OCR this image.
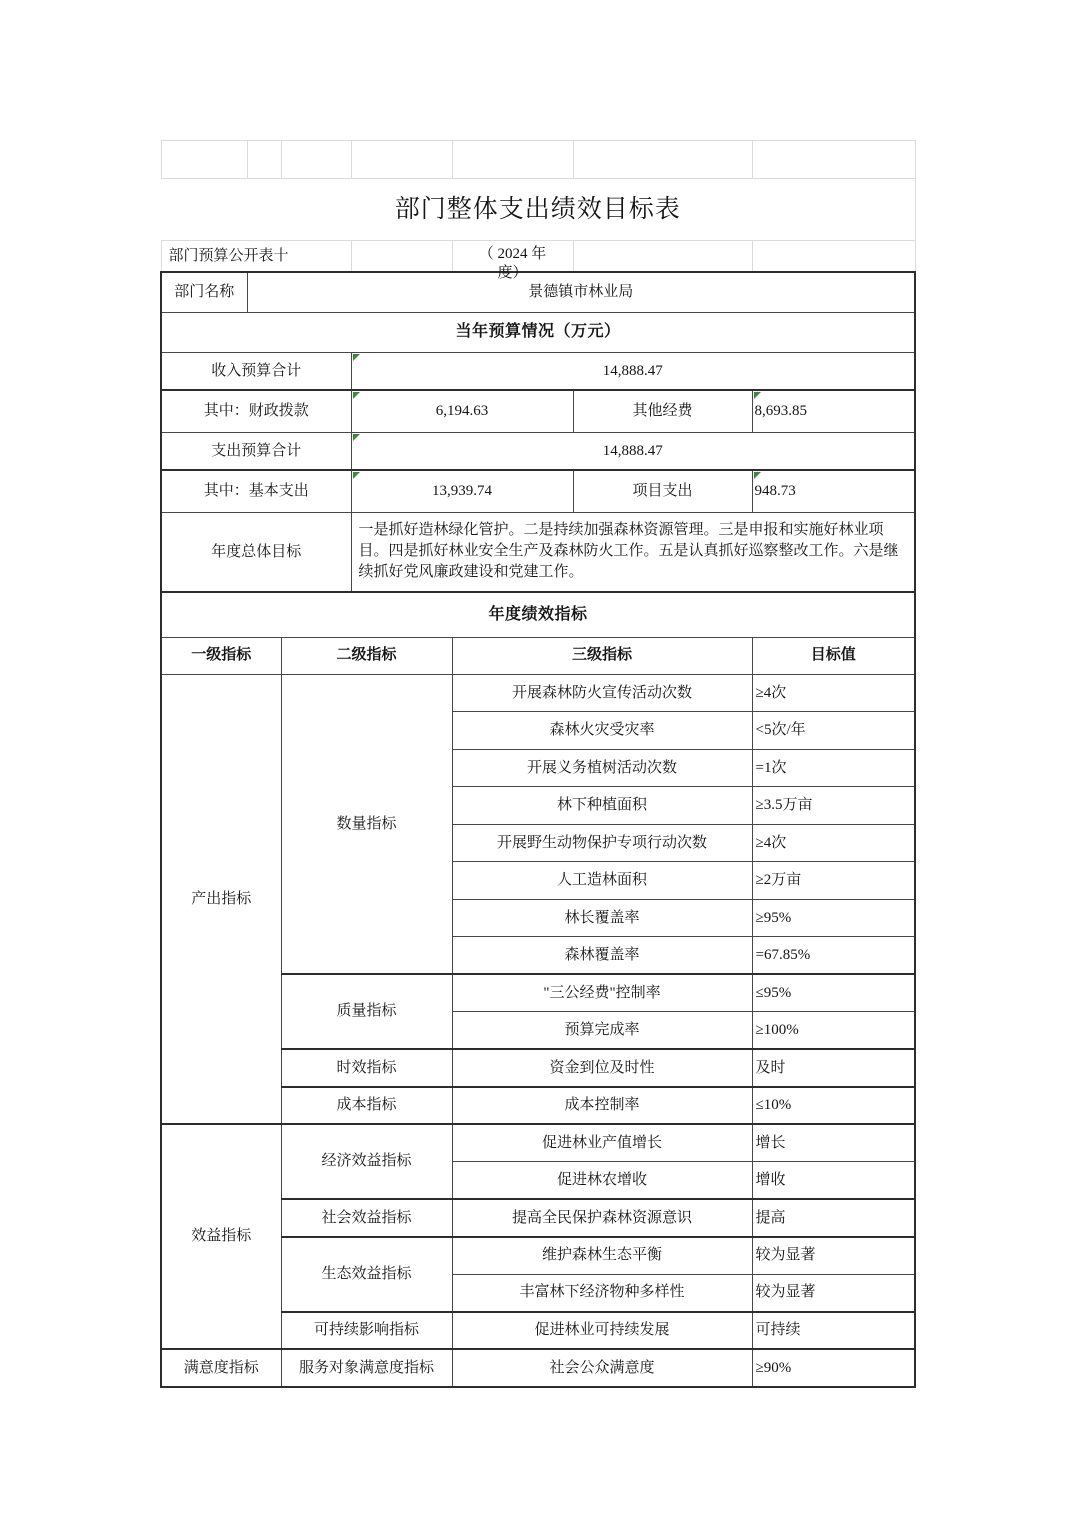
部门整体支出绩效目标表						
部门预算公开表十				（ 2024 年
度）		

部门名称	景德镇市林业局					
当年预算情况（万元）						
收入预算合计			14,888.47			
其中：财政拨款			6,194.63		其他经费	8,693.85
支出预算合计			14,888.47			
其中：基本支出			13,939.74		项目支出	948.73
年度总体目标			一是抓好造林绿化管护。二是持续加强森林资源管理。三是申报和实施好林业项目。四是抓好林业安全生产及森林防火工作。五是认真抓好巡察整改工作。六是继续抓好党风廉政建设和党建工作。			
年度绩效指标						
一级指标		二级指标		三级指标		目标值
产出指标		数量指标		开展森林防火宣传活动次数		≥4次
				森林火灾受灾率		<5次/年
				开展义务植树活动次数		=1次
				林下种植面积		≥3.5万亩
				开展野生动物保护专项行动次数		≥4次
				人工造林面积		≥2万亩
				林长覆盖率		≥95%
				森林覆盖率		=67.85%
		质量指标		"三公经费"控制率		≤95%
				预算完成率		≥100%
		时效指标		资金到位及时性		及时
		成本指标		成本控制率		≤10%
效益指标		经济效益指标		促进林业产值增长		增长
				促进林农增收		增收
		社会效益指标		提高全民保护森林资源意识		提高
		生态效益指标		维护森林生态平衡		较为显著
				丰富林下经济物种多样性		较为显著
		可持续影响指标		促进林业可持续发展		可持续
满意度指标		服务对象满意度指标		社会公众满意度		≥90%
